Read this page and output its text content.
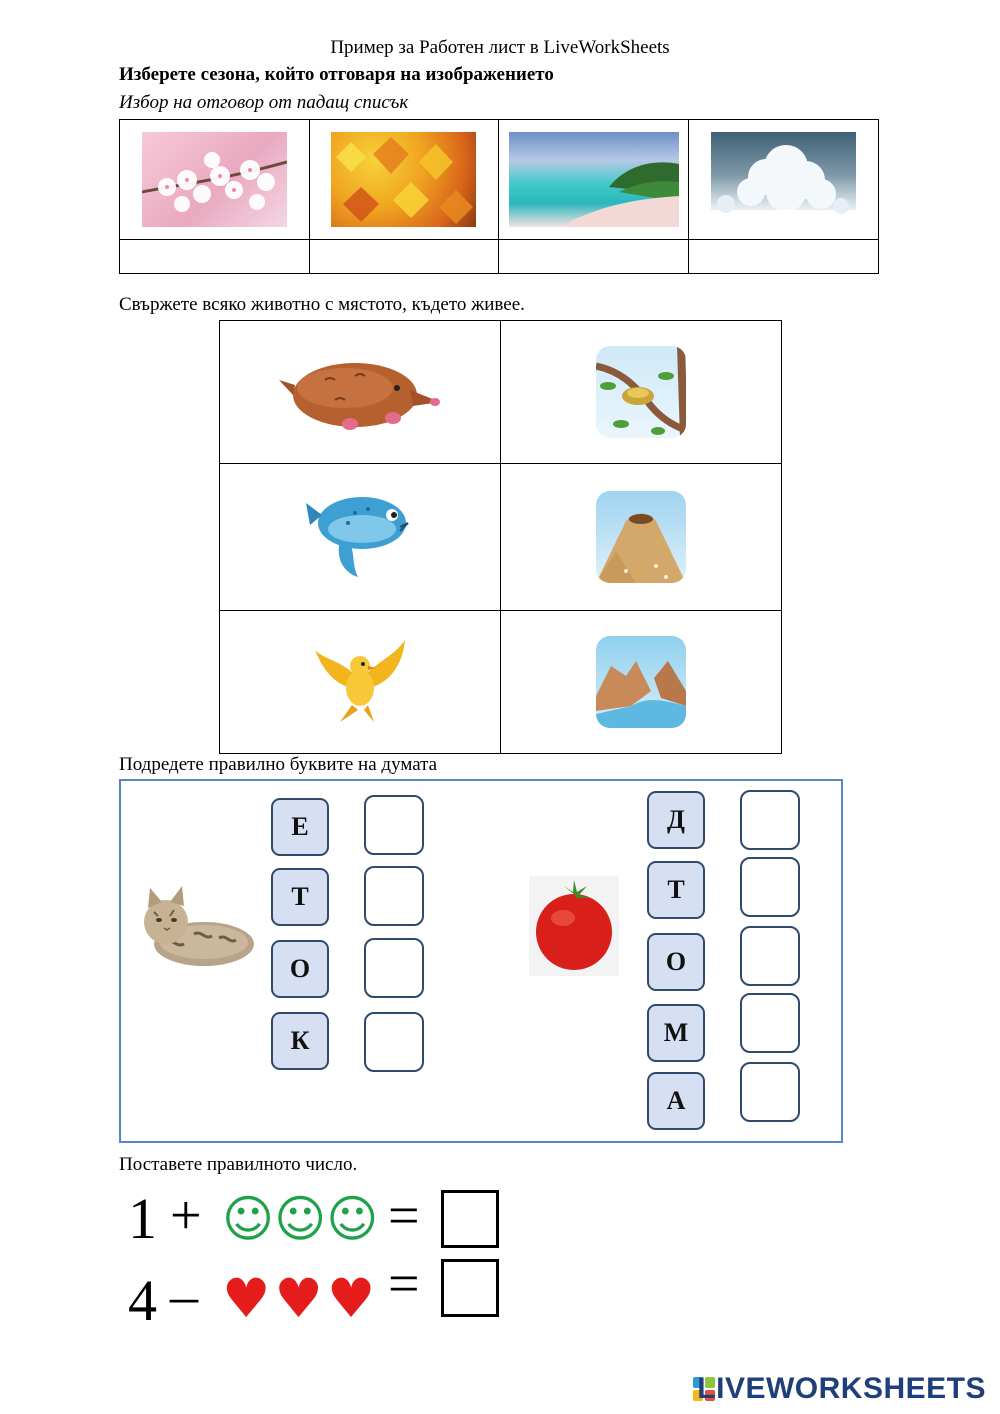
Пример за Работен лист в LiveWorkSheets
Изберете сезона, който отговаря на изображението
Избор на отговор от падащ списък

Свържете всяко животно с мястото, където живее.

Подредете правилно буквите на думата
Е
Т
О
К
Д
Т
О
М
А
Поставете правилното число.
1 + ☺☺☺ =
4 – ♥ ♥ ♥ =
LIVEWORKSHEETS
